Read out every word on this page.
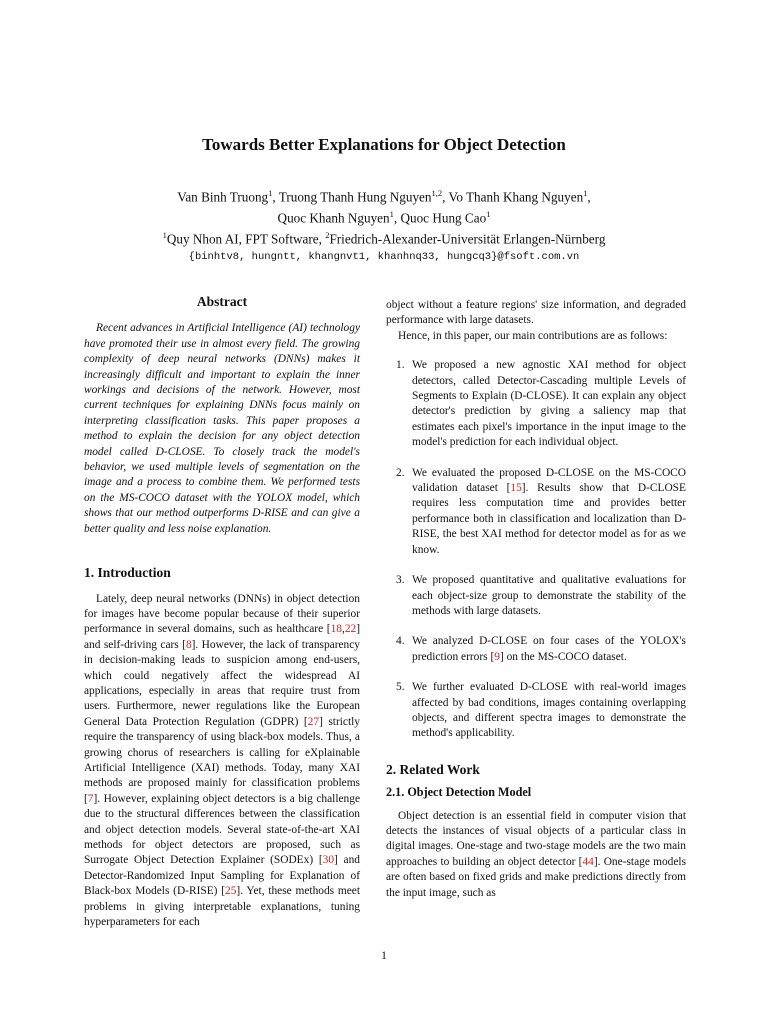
Towards Better Explanations for Object Detection
Van Binh Truong$^1$, Truong Thanh Hung Nguyen$^{1,2}$, Vo Thanh Khang Nguyen$^1$,
Quoc Khanh Nguyen$^1$, Quoc Hung Cao$^1$
$^1$Quy Nhon AI, FPT Software, $^2$Friedrich-Alexander-Universität Erlangen-Nürnberg
{binhtv8, hungntt, khangnvt1, khanhnq33, hungcq3}@fsoft.com.vn
Abstract

Recent advances in Artificial Intelligence (AI) technology have promoted their use in almost every field. The growing complexity of deep neural networks (DNNs) makes it increasingly difficult and important to explain the inner workings and decisions of the network. However, most current techniques for explaining DNNs focus mainly on interpreting classification tasks. This paper proposes a method to explain the decision for any object detection model called D-CLOSE. To closely track the model's behavior, we used multiple levels of segmentation on the image and a process to combine them. We performed tests on the MS-COCO dataset with the YOLOX model, which shows that our method outperforms D-RISE and can give a better quality and less noise explanation.

1. Introduction

Lately, deep neural networks (DNNs) in object detection for images have become popular because of their superior performance in several domains, such as healthcare [18,22] and self-driving cars [8]. However, the lack of transparency in decision-making leads to suspicion among end-users, which could negatively affect the widespread AI applications, especially in areas that require trust from users. Furthermore, newer regulations like the European General Data Protection Regulation (GDPR) [27] strictly require the transparency of using black-box models. Thus, a growing chorus of researchers is calling for eXplainable Artificial Intelligence (XAI) methods. Today, many XAI methods are proposed mainly for classification problems [7]. However, explaining object detectors is a big challenge due to the structural differences between the classification and object detection models. Several state-of-the-art XAI methods for object detectors are proposed, such as Surrogate Object Detection Explainer (SODEx) [30] and Detector-Randomized Input Sampling for Explanation of Black-box Models (D-RISE) [25]. Yet, these methods meet problems in giving interpretable explanations, tuning hyperparameters for each

object without a feature regions' size information, and degraded performance with large datasets.

Hence, in this paper, our main contributions are as follows:

1. We proposed a new agnostic XAI method for object detectors, called Detector-Cascading multiple Levels of Segments to Explain (D-CLOSE). It can explain any object detector's prediction by giving a saliency map that estimates each pixel's importance in the input image to the model's prediction for each individual object.
2. We evaluated the proposed D-CLOSE on the MS-COCO validation dataset [15]. Results show that D-CLOSE requires less computation time and provides better performance both in classification and localization than D-RISE, the best XAI method for detector model as for as we know.
3. We proposed quantitative and qualitative evaluations for each object-size group to demonstrate the stability of the methods with large datasets.
4. We analyzed D-CLOSE on four cases of the YOLOX's prediction errors [9] on the MS-COCO dataset.
5. We further evaluated D-CLOSE with real-world images affected by bad conditions, images containing overlapping objects, and different spectra images to demonstrate the method's applicability.
2. Related Work
2.1. Object Detection Model

Object detection is an essential field in computer vision that detects the instances of visual objects of a particular class in digital images. One-stage and two-stage models are the two main approaches to building an object detector [44]. One-stage models are often based on fixed grids and make predictions directly from the input image, such as

1
